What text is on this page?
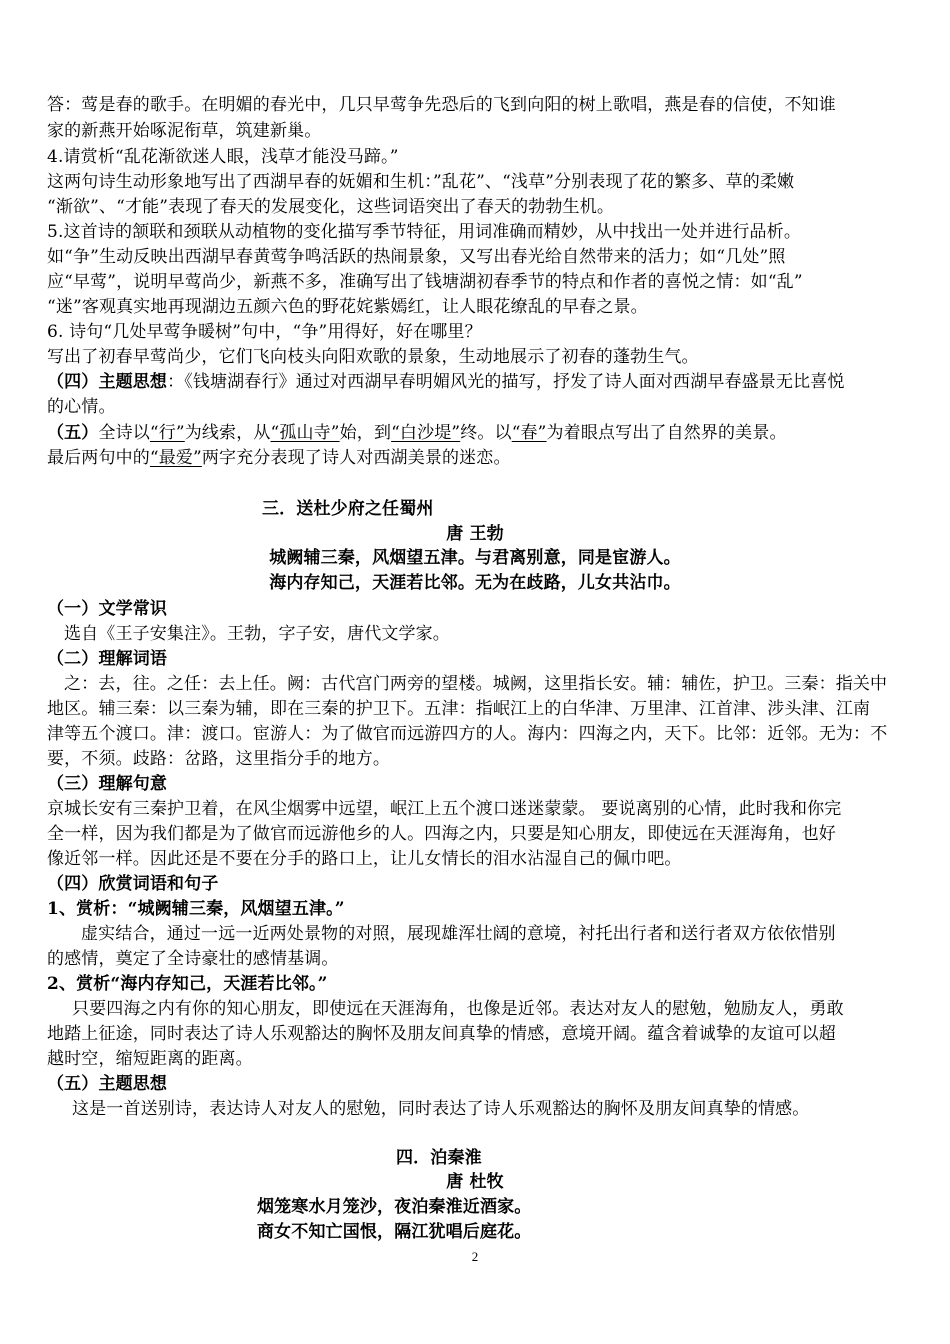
答：莺是春的歌手。在明媚的春光中，几只早莺争先恐后的飞到向阳的树上歌唱，燕是春的信使，不知谁
家的新燕开始啄泥衔草，筑建新巢。
4.请赏析“乱花渐欲迷人眼，浅草才能没马蹄。”
这两句诗生动形象地写出了西湖早春的妩媚和生机：”乱花”、“浅草”分别表现了花的繁多、草的柔嫩
“渐欲”、“才能”表现了春天的发展变化，这些词语突出了春天的勃勃生机。
5.这首诗的颔联和颈联从动植物的变化描写季节特征，用词准确而精妙，从中找出一处并进行品析。
如“争”生动反映出西湖早春黄莺争鸣活跃的热闹景象，又写出春光给自然带来的活力；如“几处”照
应“早莺”，说明早莺尚少，新燕不多，准确写出了钱塘湖初春季节的特点和作者的喜悦之情：如“乱”
“迷”客观真实地再现湖边五颜六色的野花姹紫嫣红，让人眼花缭乱的早春之景。
6. 诗句“几处早莺争暖树”句中，“争”用得好，好在哪里？
写出了初春早莺尚少，它们飞向枝头向阳欢歌的景象，生动地展示了初春的蓬勃生气。
（四）主题思想：《钱塘湖春行》通过对西湖早春明媚风光的描写，抒发了诗人面对西湖早春盛景无比喜悦
的心情。
（五）全诗以“行”为线索，从“孤山寺”始，到“白沙堤”终。以“春”为着眼点写出了自然界的美景。
最后两句中的“最爱”两字充分表现了诗人对西湖美景的迷恋。
三．送杜少府之任蜀州
唐 王勃
城阙辅三秦，风烟望五津。与君离别意，同是宦游人。
海内存知己，天涯若比邻。无为在歧路，儿女共沾巾。
（一）文学常识
选自《王子安集注》。王勃，字子安，唐代文学家。
（二）理解词语
之：去，往。之任：去上任。阙：古代宫门两旁的望楼。城阙，这里指长安。辅：辅佐，护卫。三秦：指关中
地区。辅三秦：以三秦为辅，即在三秦的护卫下。五津：指岷江上的白华津、万里津、江首津、涉头津、江南
津等五个渡口。津：渡口。宦游人：为了做官而远游四方的人。海内：四海之内，天下。比邻：近邻。无为：不
要，不须。歧路：岔路，这里指分手的地方。
（三）理解句意
京城长安有三秦护卫着，在风尘烟雾中远望，岷江上五个渡口迷迷蒙蒙。 要说离别的心情，此时我和你完
全一样，因为我们都是为了做官而远游他乡的人。四海之内，只要是知心朋友，即使远在天涯海角，也好
像近邻一样。因此还是不要在分手的路口上，让儿女情长的泪水沾湿自己的佩巾吧。
（四）欣赏词语和句子
1、赏析：“城阙辅三秦，风烟望五津。”
虚实结合，通过一远一近两处景物的对照，展现雄浑壮阔的意境，衬托出行者和送行者双方依依惜别
的感情，奠定了全诗豪壮的感情基调。
2、赏析“海内存知己，天涯若比邻。”
只要四海之内有你的知心朋友，即使远在天涯海角，也像是近邻。表达对友人的慰勉，勉励友人，勇敢
地踏上征途，同时表达了诗人乐观豁达的胸怀及朋友间真挚的情感，意境开阔。蕴含着诚挚的友谊可以超
越时空，缩短距离的距离。
（五）主题思想
这是一首送别诗，表达诗人对友人的慰勉，同时表达了诗人乐观豁达的胸怀及朋友间真挚的情感。
四．泊秦淮
唐 杜牧
烟笼寒水月笼沙，夜泊秦淮近酒家。
商女不知亡国恨，隔江犹唱后庭花。
2
